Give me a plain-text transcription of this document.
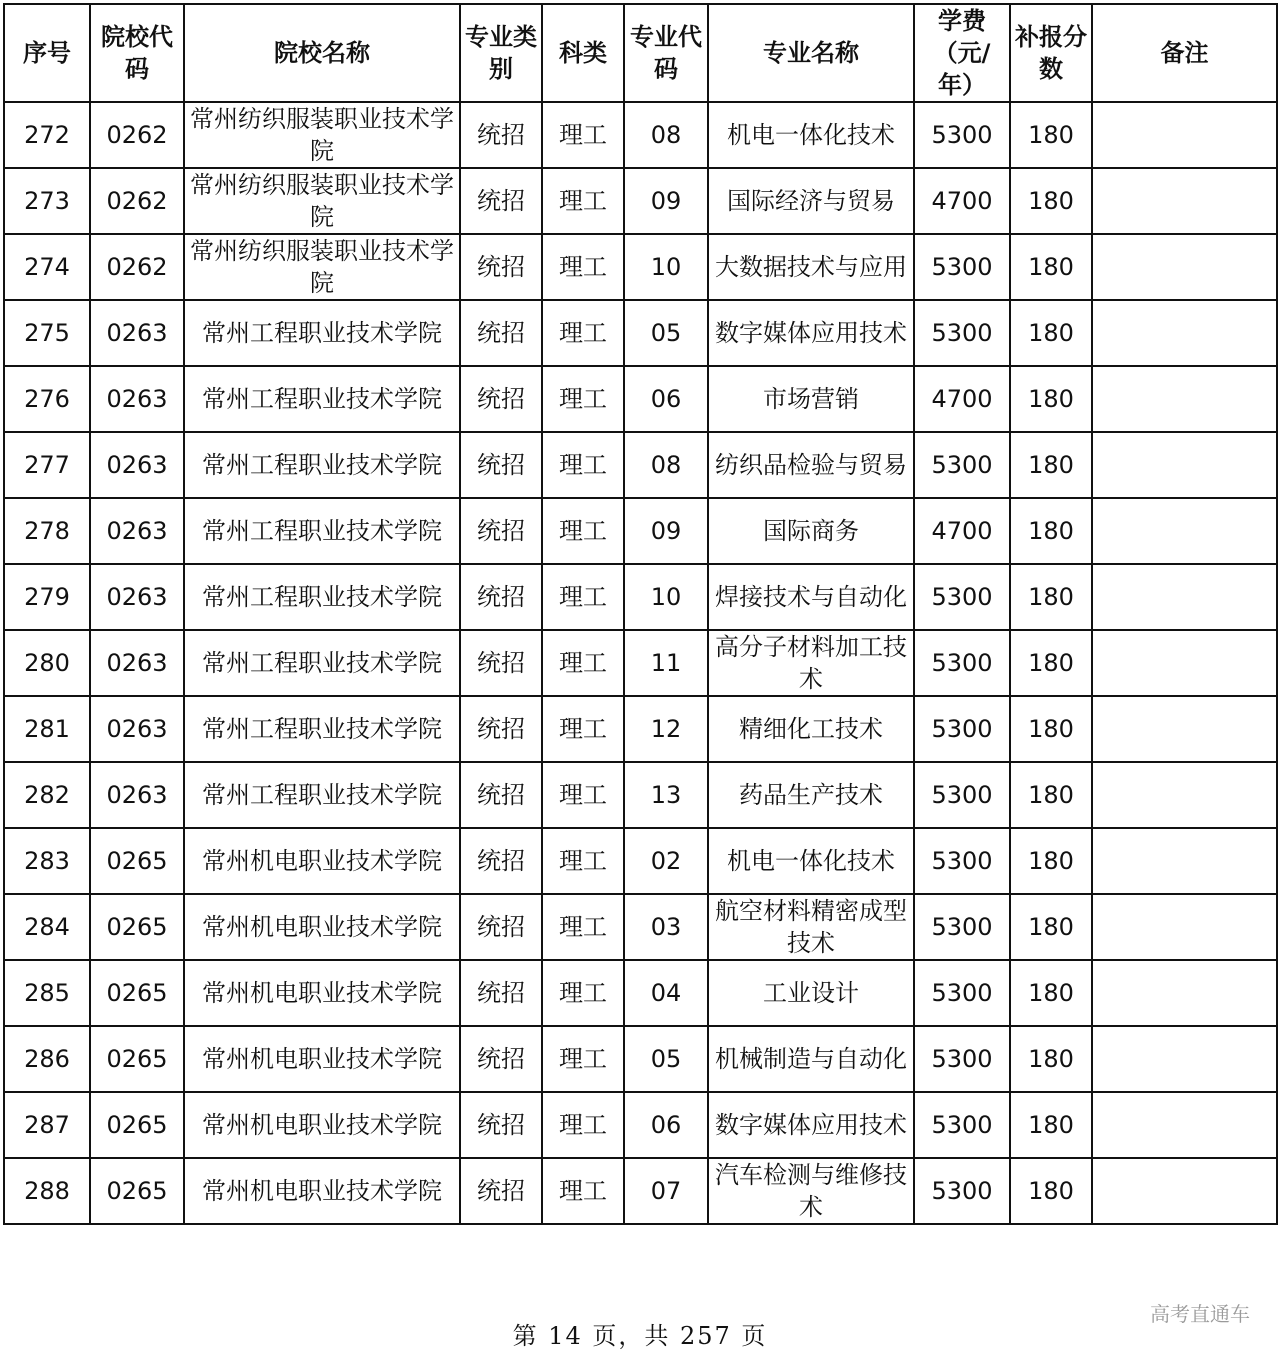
序号	院校代码	院校名称	专业类别	科类	专业代码	专业名称	学费（元/年）	补报分数	备注
272	0262	常州纺织服装职业技术学院	统招	理工	08	机电一体化技术	5300	180	
273	0262	常州纺织服装职业技术学院	统招	理工	09	国际经济与贸易	4700	180	
274	0262	常州纺织服装职业技术学院	统招	理工	10	大数据技术与应用	5300	180	
275	0263	常州工程职业技术学院	统招	理工	05	数字媒体应用技术	5300	180	
276	0263	常州工程职业技术学院	统招	理工	06	市场营销	4700	180	
277	0263	常州工程职业技术学院	统招	理工	08	纺织品检验与贸易	5300	180	
278	0263	常州工程职业技术学院	统招	理工	09	国际商务	4700	180	
279	0263	常州工程职业技术学院	统招	理工	10	焊接技术与自动化	5300	180	
280	0263	常州工程职业技术学院	统招	理工	11	高分子材料加工技术	5300	180	
281	0263	常州工程职业技术学院	统招	理工	12	精细化工技术	5300	180	
282	0263	常州工程职业技术学院	统招	理工	13	药品生产技术	5300	180	
283	0265	常州机电职业技术学院	统招	理工	02	机电一体化技术	5300	180	
284	0265	常州机电职业技术学院	统招	理工	03	航空材料精密成型技术	5300	180	
285	0265	常州机电职业技术学院	统招	理工	04	工业设计	5300	180	
286	0265	常州机电职业技术学院	统招	理工	05	机械制造与自动化	5300	180	
287	0265	常州机电职业技术学院	统招	理工	06	数字媒体应用技术	5300	180	
288	0265	常州机电职业技术学院	统招	理工	07	汽车检测与维修技术	5300	180	
第 14 页，共 257 页
高考直通车
